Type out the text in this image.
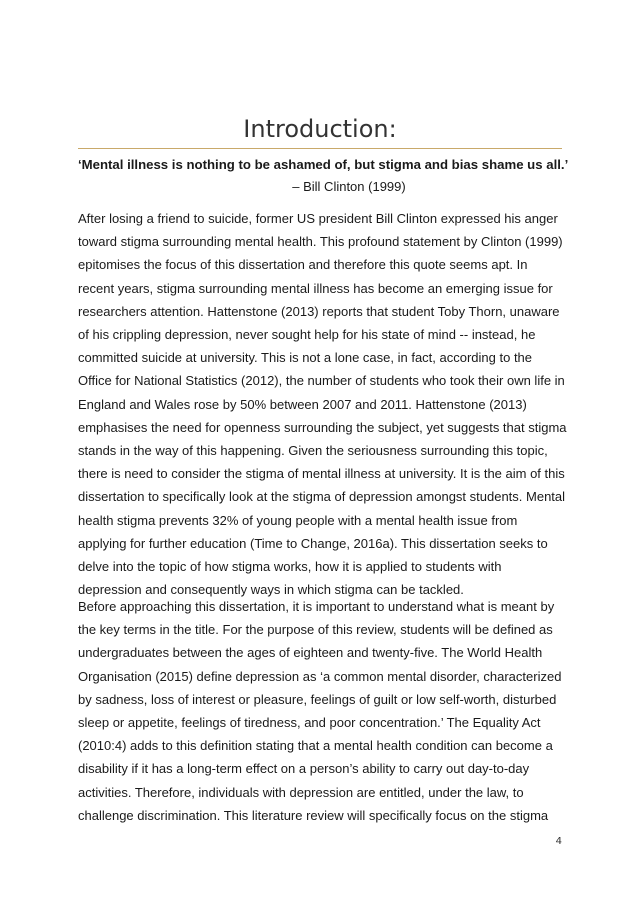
Introduction:

‘Mental illness is nothing to be ashamed of, but stigma and bias shame us all.’

– Bill Clinton (1999)

After losing a friend to suicide, former US president Bill Clinton expressed his anger
toward stigma surrounding mental health. This profound statement by Clinton (1999)
epitomises the focus of this dissertation and therefore this quote seems apt. In
recent years, stigma surrounding mental illness has become an emerging issue for
researchers attention. Hattenstone (2013) reports that student Toby Thorn, unaware
of his crippling depression, never sought help for his state of mind -- instead, he
committed suicide at university. This is not a lone case, in fact, according to the
Office for National Statistics (2012), the number of students who took their own life in
England and Wales rose by 50% between 2007 and 2011. Hattenstone (2013)
emphasises the need for openness surrounding the subject, yet suggests that stigma
stands in the way of this happening. Given the seriousness surrounding this topic,
there is need to consider the stigma of mental illness at university. It is the aim of this
dissertation to specifically look at the stigma of depression amongst students. Mental
health stigma prevents 32% of young people with a mental health issue from
applying for further education (Time to Change, 2016a). This dissertation seeks to
delve into the topic of how stigma works, how it is applied to students with
depression and consequently ways in which stigma can be tackled.

Before approaching this dissertation, it is important to understand what is meant by
the key terms in the title. For the purpose of this review, students will be defined as
undergraduates between the ages of eighteen and twenty-five. The World Health
Organisation (2015) define depression as ‘a common mental disorder, characterized
by sadness, loss of interest or pleasure, feelings of guilt or low self-worth, disturbed
sleep or appetite, feelings of tiredness, and poor concentration.’ The Equality Act
(2010:4) adds to this definition stating that a mental health condition can become a
disability if it has a long-term effect on a person’s ability to carry out day-to-day
activities. Therefore, individuals with depression are entitled, under the law, to
challenge discrimination. This literature review will specifically focus on the stigma

4
